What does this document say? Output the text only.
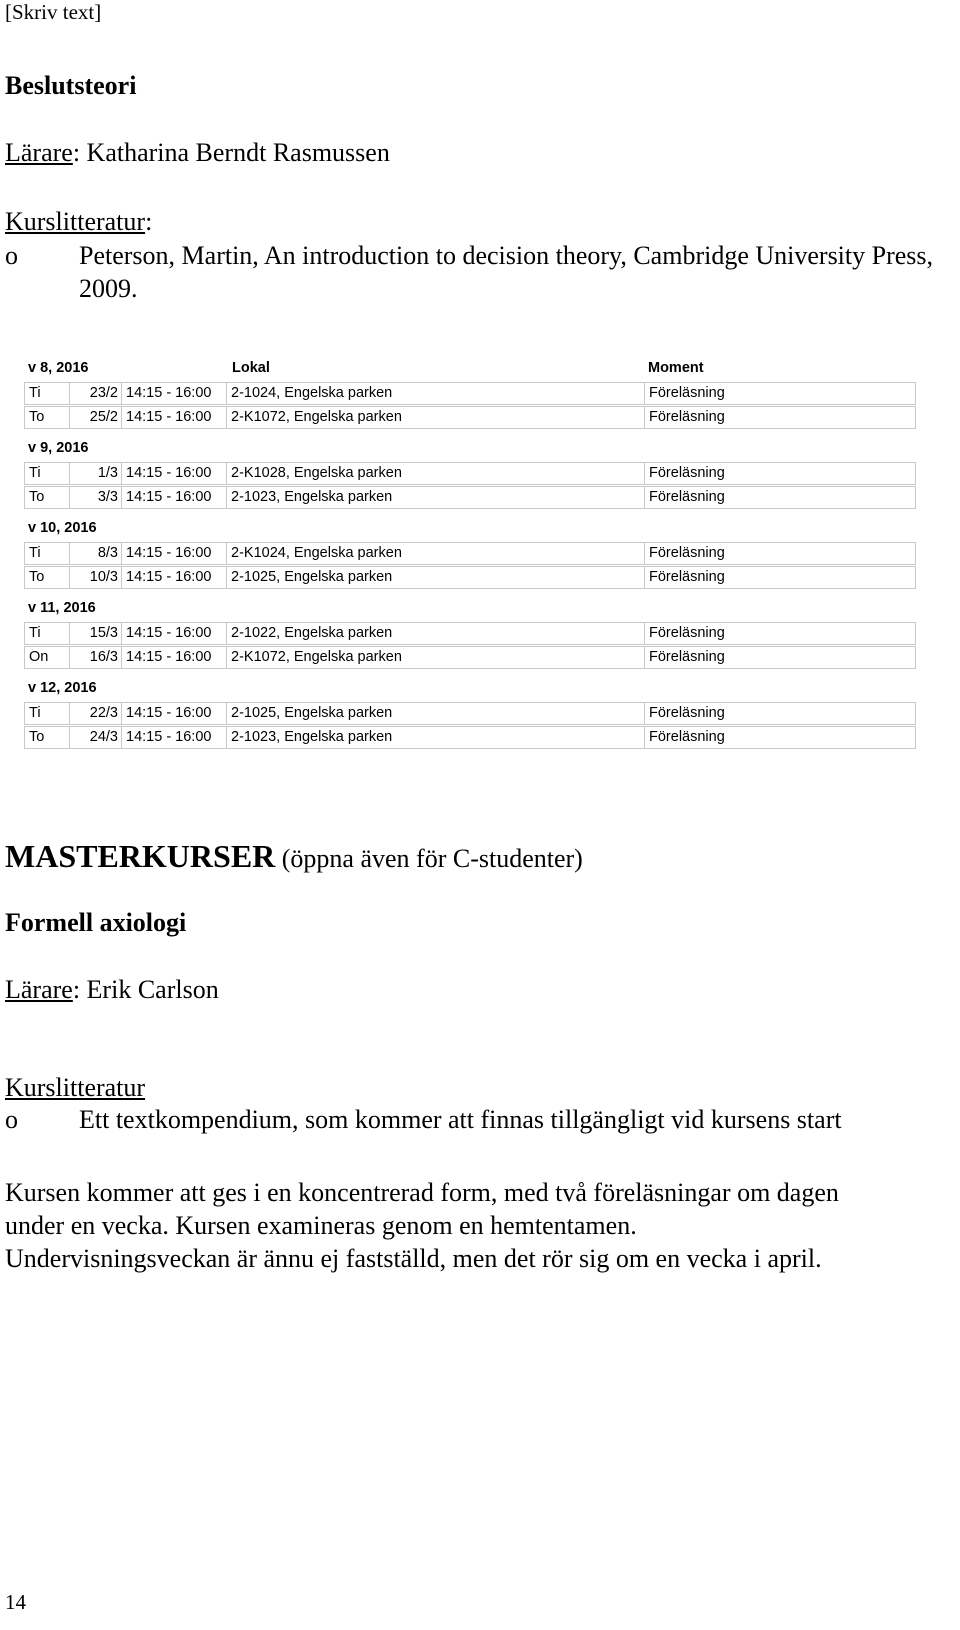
[Skriv text]
Beslutsteori
Lärare: Katharina Berndt Rasmussen
Kurslitteratur:
o Peterson, Martin, An introduction to decision theory, Cambridge University Press, 2009.
v 8, 2016	Lokal	Moment
Ti	23/2 14:15 - 16:00	2-1024, Engelska parken	Föreläsning
To	25/2 14:15 - 16:00	2-K1072, Engelska parken	Föreläsning
v 9, 2016
Ti	1/3 14:15 - 16:00	2-K1028, Engelska parken	Föreläsning
To	3/3 14:15 - 16:00	2-1023, Engelska parken	Föreläsning
v 10, 2016
Ti	8/3 14:15 - 16:00	2-K1024, Engelska parken	Föreläsning
To	10/3 14:15 - 16:00	2-1025, Engelska parken	Föreläsning
v 11, 2016
Ti	15/3 14:15 - 16:00	2-1022, Engelska parken	Föreläsning
On	16/3 14:15 - 16:00	2-K1072, Engelska parken	Föreläsning
v 12, 2016
Ti	22/3 14:15 - 16:00	2-1025, Engelska parken	Föreläsning
To	24/3 14:15 - 16:00	2-1023, Engelska parken	Föreläsning
MASTERKURSER (öppna även för C-studenter)
Formell axiologi
Lärare: Erik Carlson
Kurslitteratur
o Ett textkompendium, som kommer att finnas tillgängligt vid kursens start
Kursen kommer att ges i en koncentrerad form, med två föreläsningar om dagen
under en vecka. Kursen examineras genom en hemtentamen.
Undervisningsveckan är ännu ej fastställd, men det rör sig om en vecka i april.
14
